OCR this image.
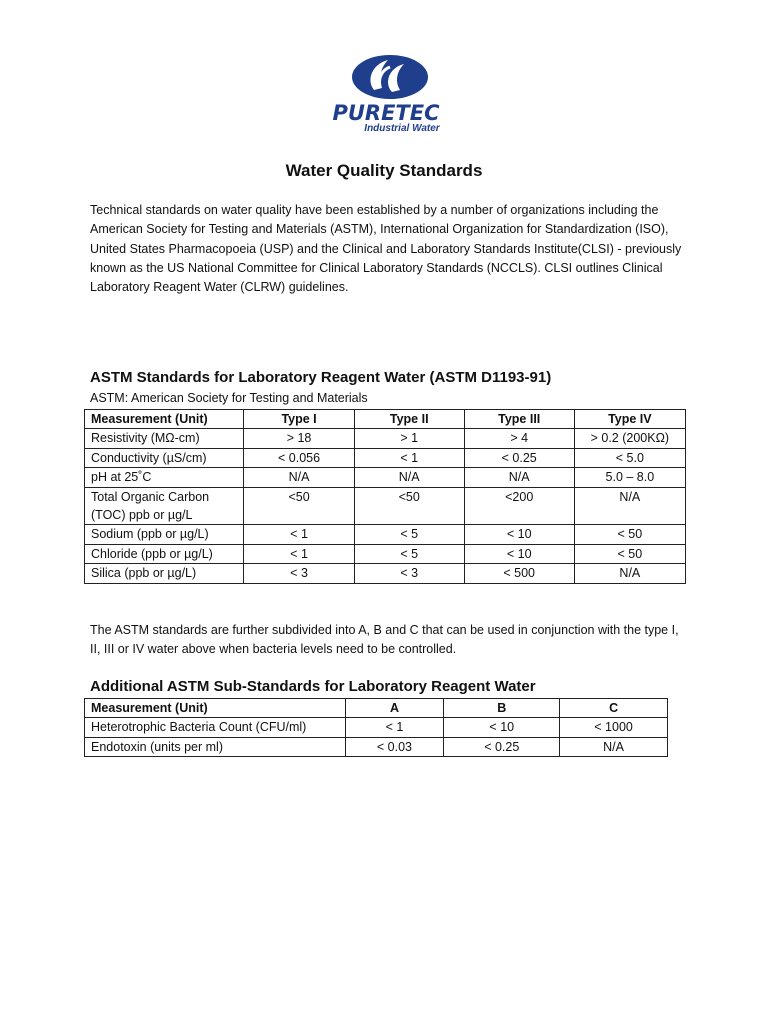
PURETEC
Industrial Water
Water Quality Standards

Technical standards on water quality have been established by a number of organizations including the American Society for Testing and Materials (ASTM), International Organization for Standardization (ISO), United States Pharmacopoeia (USP) and the Clinical and Laboratory Standards Institute(CLSI) - previously known as the US National Committee for Clinical Laboratory Standards (NCCLS). CLSI outlines Clinical Laboratory Reagent Water (CLRW) guidelines.

ASTM Standards for Laboratory Reagent Water (ASTM D1193-91)

ASTM: American Society for Testing and Materials

Measurement (Unit)	Type I	Type II	Type III	Type IV
Resistivity (MΩ-cm)	> 18	> 1	> 4	> 0.2 (200KΩ)
Conductivity (µS/cm)	< 0.056	< 1	< 0.25	< 5.0
pH at 25˚C	N/A	N/A	N/A	5.0 – 8.0
Total Organic Carbon (TOC) ppb or µg/L	<50	<50	<200	N/A
Sodium (ppb or µg/L)	< 1	< 5	< 10	< 50
Chloride (ppb or µg/L)	< 1	< 5	< 10	< 50
Silica (ppb or µg/L)	< 3	< 3	< 500	N/A

The ASTM standards are further subdivided into A, B and C that can be used in conjunction with the type I, II, III or IV water above when bacteria levels need to be controlled.

Additional ASTM Sub-Standards for Laboratory Reagent Water
Measurement (Unit)	A	B	C
Heterotrophic Bacteria Count (CFU/ml)	< 1	< 10	< 1000
Endotoxin (units per ml)	< 0.03	< 0.25	N/A
